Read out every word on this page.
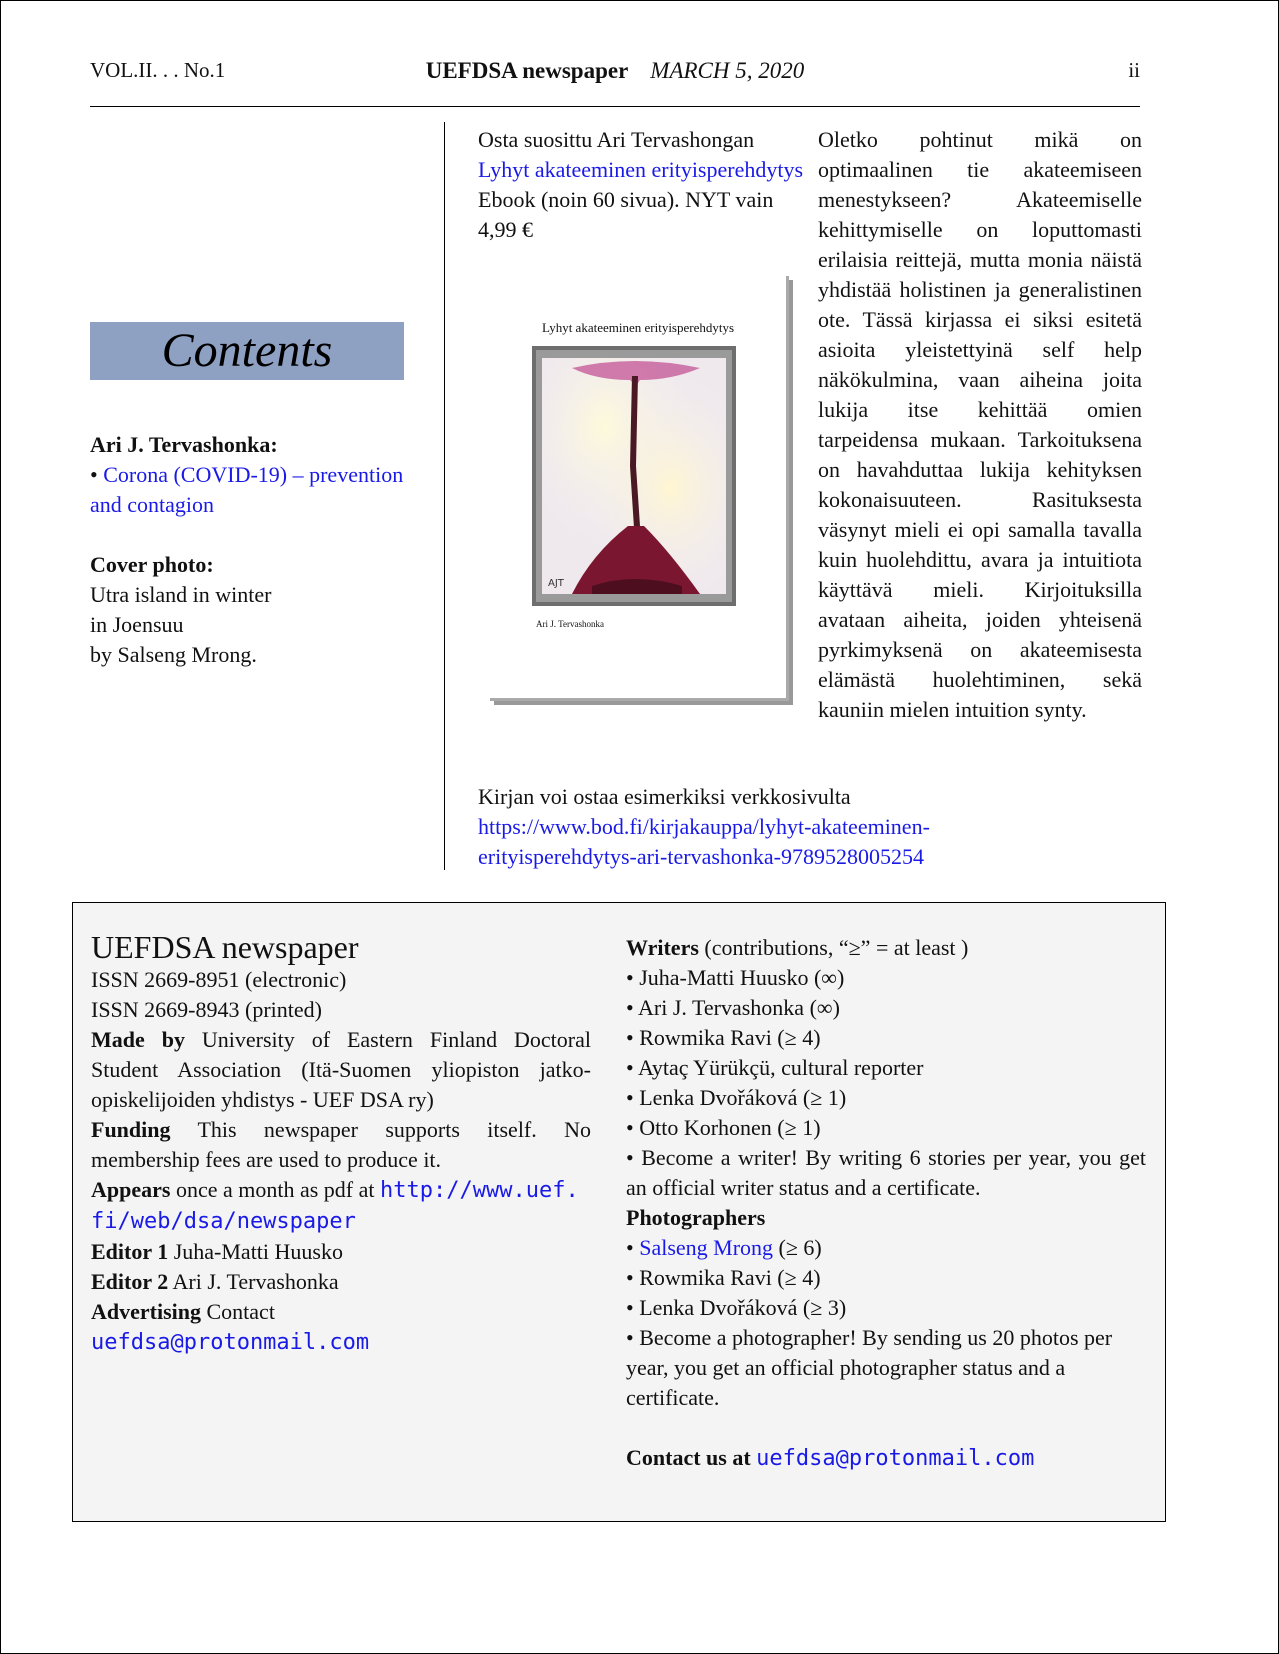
VOL.II. . . No.1	UEFDSA newspaper MARCH 5, 2020	ii
Contents

Ari J. Tervashonka:

• Corona (COVID-19) – prevention and contagion

Cover photo:

Utra island in winter

in Joensuu

by Salseng Mrong.

Osta suosittu Ari Tervashongan Lyhyt akateeminen erityisperehdytys Ebook (noin 60 sivua). NYT vain 4,99 €
Lyhyt akateeminen erityisperehdytys
AJT
Ari J. Tervashonka
Oletko pohtinut mikä on optimaalinen tie akateemiseen menestykseen? Akateemiselle kehittymiselle on loputtomasti erilaisia reittejä, mutta monia näistä yhdistää holistinen ja generalistinen ote. Tässä kirjassa ei siksi esitetä asioita yleistettyinä self help näkökulmina, vaan aiheina joita lukija itse kehittää omien tarpeidensa mukaan. Tarkoituksena on havahduttaa lukija kehityksen kokonaisuuteen. Rasituksesta väsynyt mieli ei opi samalla tavalla kuin huolehdittu, avara ja intuitiota käyttävä mieli. Kirjoituksilla avataan aiheita, joiden yhteisenä pyrkimyksenä on akateemisesta elämästä huolehtiminen, sekä kauniin mielen intuition synty.
Kirjan voi ostaa esimerkiksi verkkosivulta
https://www.bod.fi/kirjakauppa/lyhyt-akateeminen-
erityisperehdytys-ari-tervashonka-9789528005254

UEFDSA newspaper

ISSN 2669-8951 (electronic)

ISSN 2669-8943 (printed)

Made by University of Eastern Finland Doctoral Student Association (Itä-Suomen yliopiston jatko-opiskelijoiden yhdistys - UEF DSA ry)

Funding This newspaper supports itself. No membership fees are used to produce it.

Appears once a month as pdf at http://www.uef.
fi/web/dsa/newspaper

Editor 1 Juha-Matti Huusko

Editor 2 Ari J. Tervashonka

Advertising Contact

uefdsa@protonmail.com

Writers (contributions, “≥” = at least )

• Juha-Matti Huusko (∞)

• Ari J. Tervashonka (∞)

• Rowmika Ravi (≥ 4)

• Aytaç Yürükçü, cultural reporter

• Lenka Dvořáková (≥ 1)

• Otto Korhonen (≥ 1)

• Become a writer! By writing 6 stories per year, you get an official writer status and a certificate.

Photographers

• Salseng Mrong (≥ 6)

• Rowmika Ravi (≥ 4)

• Lenka Dvořáková (≥ 3)

• Become a photographer! By sending us 20 photos per year, you get an official photographer status and a certificate.

Contact us at uefdsa@protonmail.com
